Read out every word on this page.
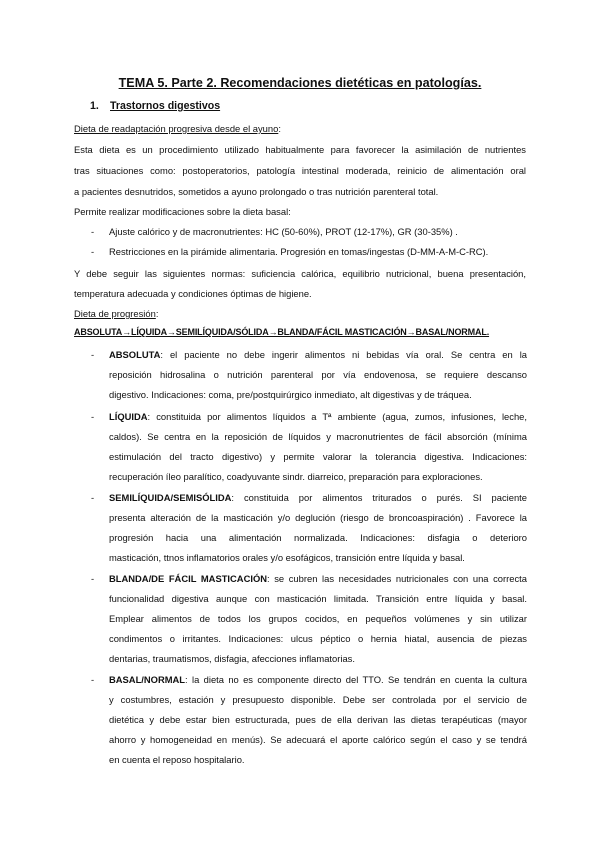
TEMA 5. Parte 2. Recomendaciones dietéticas en patologías.
1. Trastornos digestivos
Dieta de readaptación progresiva desde el ayuno:
Esta dieta es un procedimiento utilizado habitualmente para favorecer la asimilación de nutrientes
tras situaciones como: postoperatorios, patología intestinal moderada, reinicio de alimentación oral
a pacientes desnutridos, sometidos a ayuno prolongado o tras nutrición parenteral total.
Permite realizar modificaciones sobre la dieta basal:
- Ajuste calórico y de macronutrientes: HC (50-60%), PROT (12-17%), GR (30-35%) .
- Restricciones en la pirámide alimentaria. Progresión en tomas/ingestas (D-MM-A-M-C-RC).
Y debe seguir las siguientes normas: suficiencia calórica, equilibrio nutricional, buena presentación,
temperatura adecuada y condiciones óptimas de higiene.
Dieta de progresión:
ABSOLUTA→LÍQUIDA→SEMILÍQUIDA/SÓLIDA→BLANDA/FÁCIL MASTICACIÓN→BASAL/NORMAL.
- ABSOLUTA: el paciente no debe ingerir alimentos ni bebidas vía oral. Se centra en la
reposición hidrosalina o nutrición parenteral por vía endovenosa, se requiere descanso
digestivo. Indicaciones: coma, pre/postquirúrgico inmediato, alt digestivas y de tráquea.
- LÍQUIDA: constituida por alimentos líquidos a Tª ambiente (agua, zumos, infusiones, leche,
caldos). Se centra en la reposición de líquidos y macronutrientes de fácil absorción (mínima
estimulación del tracto digestivo) y permite valorar la tolerancia digestiva. Indicaciones:
recuperación íleo paralítico, coadyuvante sindr. diarreico, preparación para exploraciones.
- SEMILÍQUIDA/SEMISÓLIDA: constituida por alimentos triturados o purés. SI paciente
presenta alteración de la masticación y/o deglución (riesgo de broncoaspiración) . Favorece la
progresión hacia una alimentación normalizada. Indicaciones: disfagia o deterioro
masticación, ttnos inflamatorios orales y/o esofágicos, transición entre líquida y basal.
- BLANDA/DE FÁCIL MASTICACIÓN: se cubren las necesidades nutricionales con una correcta
funcionalidad digestiva aunque con masticación limitada. Transición entre líquida y basal.
Emplear alimentos de todos los grupos cocidos, en pequeños volúmenes y sin utilizar
condimentos o irritantes. Indicaciones: ulcus péptico o hernia hiatal, ausencia de piezas
dentarias, traumatismos, disfagia, afecciones inflamatorias.
- BASAL/NORMAL: la dieta no es componente directo del TTO. Se tendrán en cuenta la cultura
y costumbres, estación y presupuesto disponible. Debe ser controlada por el servicio de
dietética y debe estar bien estructurada, pues de ella derivan las dietas terapéuticas (mayor
ahorro y homogeneidad en menús). Se adecuará el aporte calórico según el caso y se tendrá
en cuenta el reposo hospitalario.
